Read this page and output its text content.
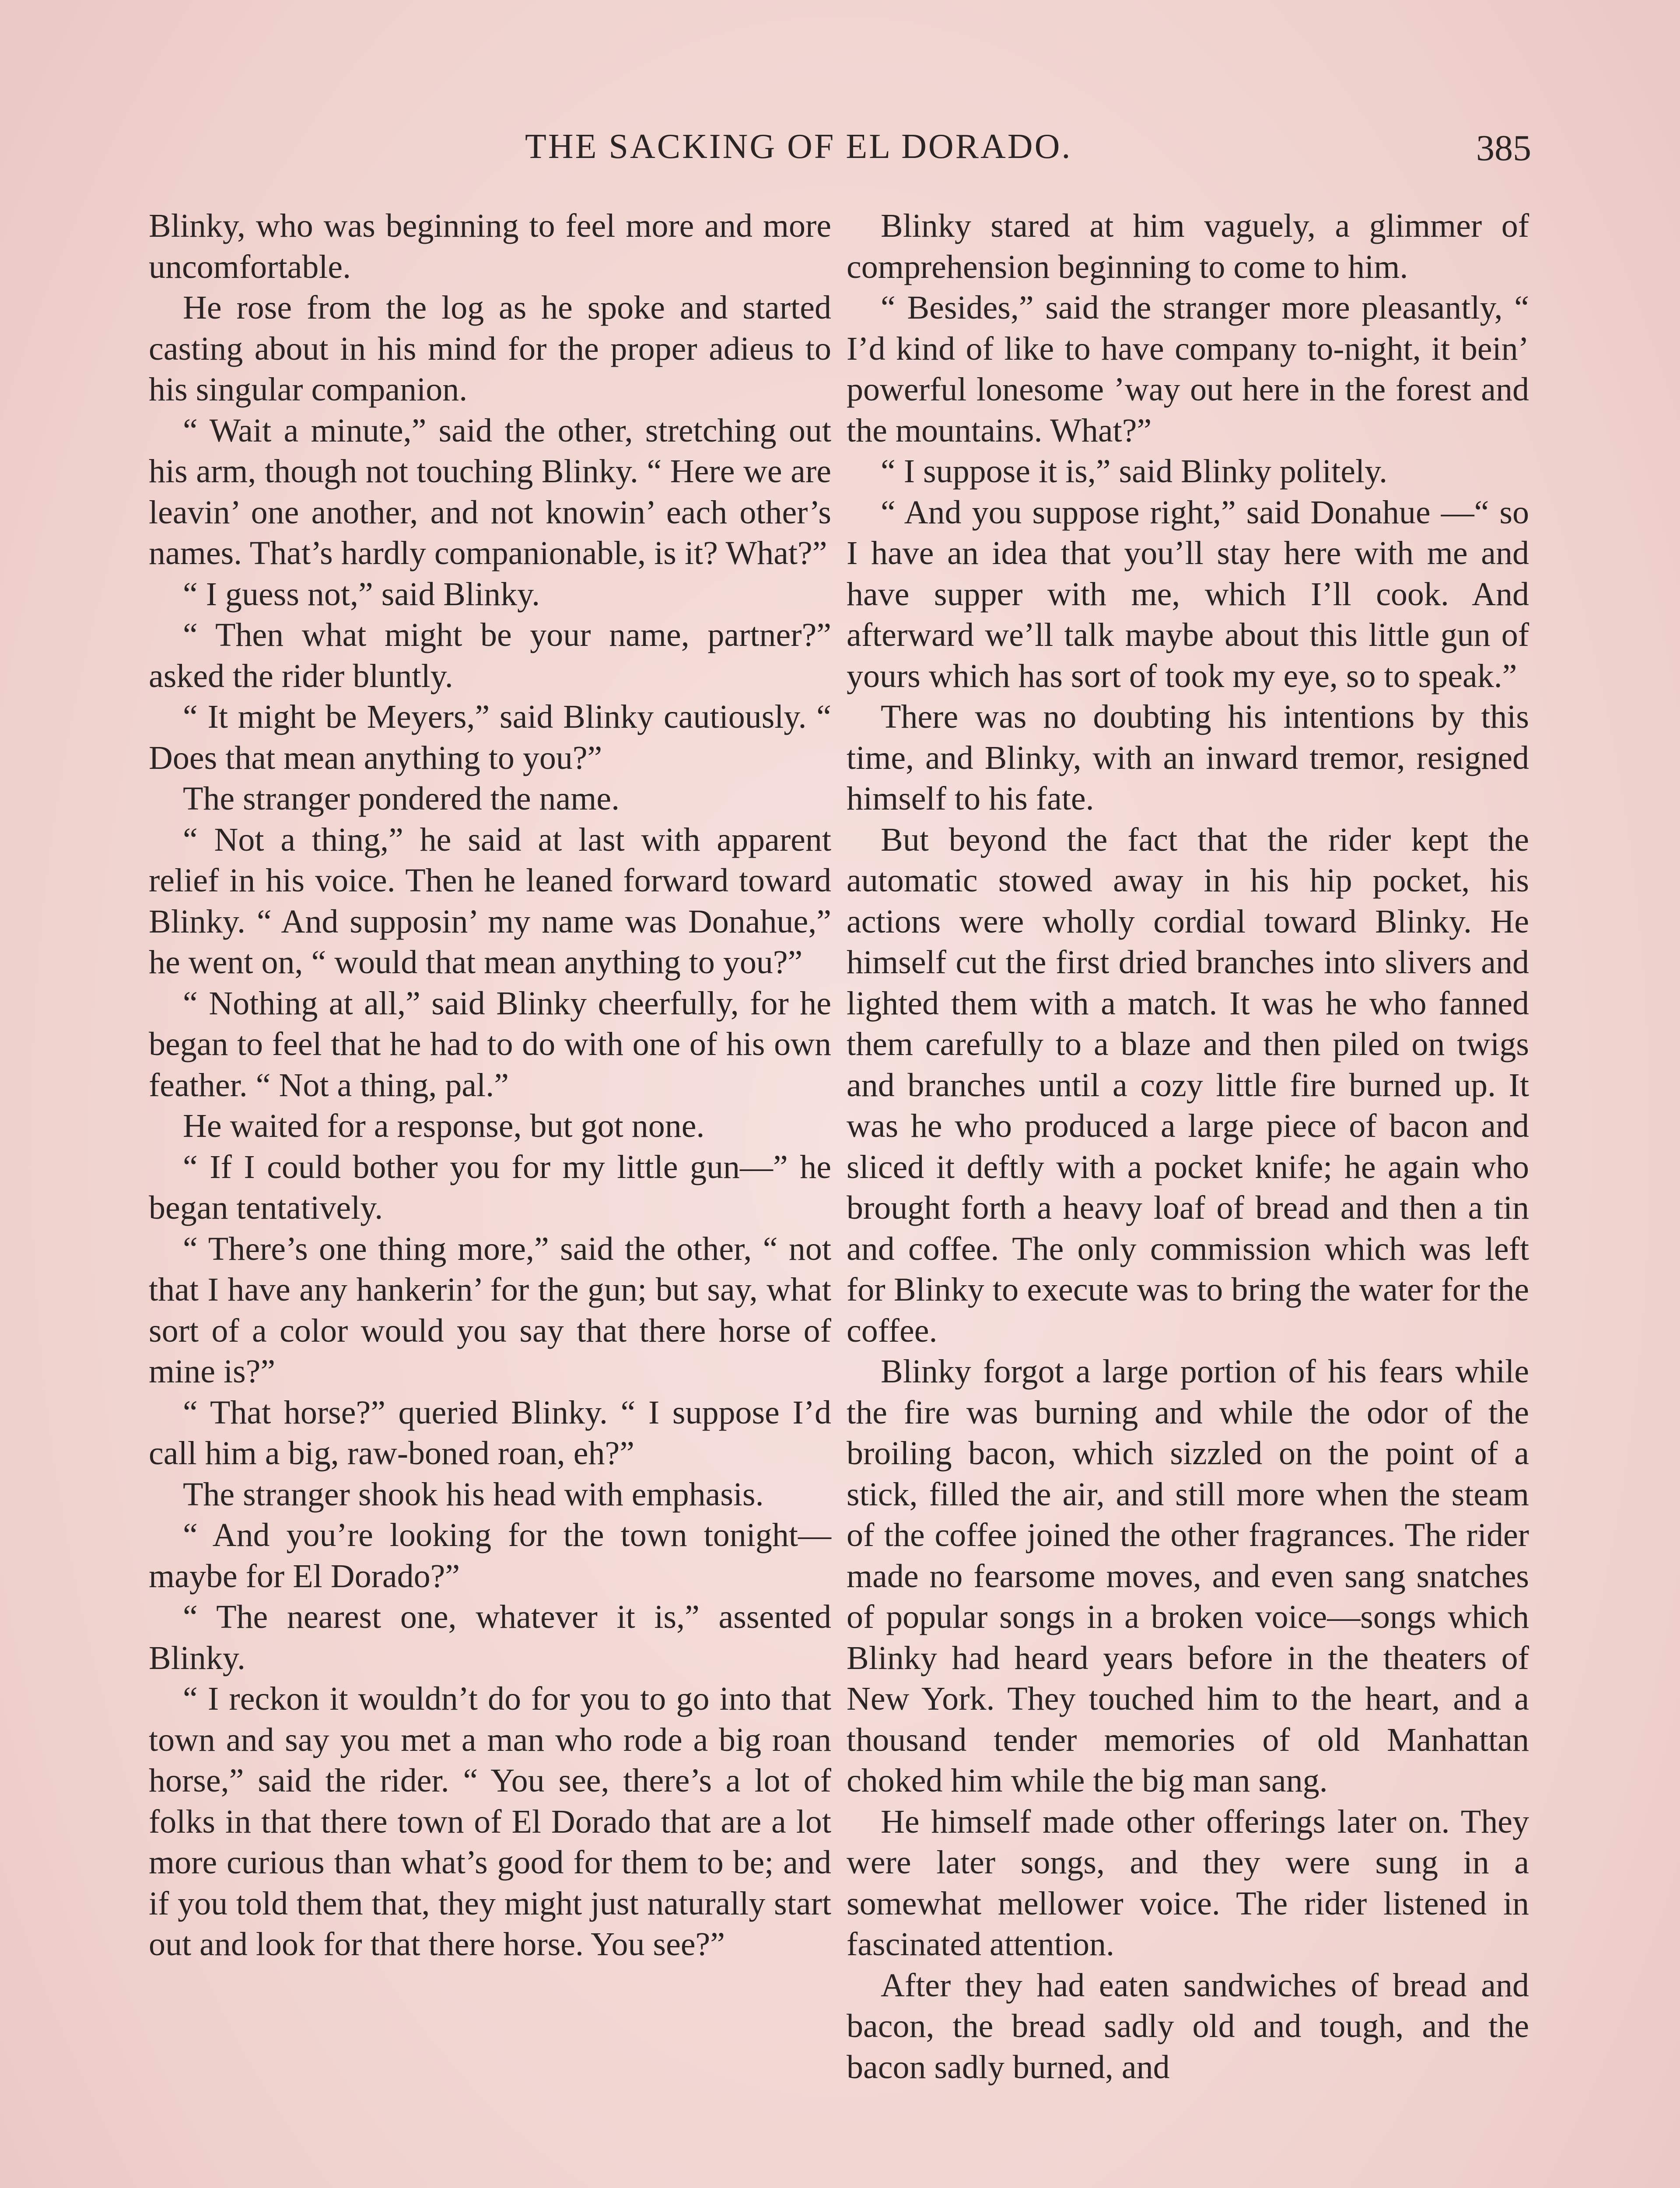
THE SACKING OF EL DORADO.	385

Blinky, who was beginning to feel more and more uncomfortable.

He rose from the log as he spoke and started casting about in his mind for the proper adieus to his singular companion.

“ Wait a minute,” said the other, stretching out his arm, though not touching Blinky. “ Here we are leavin’ one another, and not knowin’ each other’s names. That’s hardly companionable, is it? What?”

“ I guess not,” said Blinky.

“ Then what might be your name, partner?” asked the rider bluntly.

“ It might be Meyers,” said Blinky cautiously. “ Does that mean anything to you?”

The stranger pondered the name.

“ Not a thing,” he said at last with apparent relief in his voice. Then he leaned forward toward Blinky. “ And supposin’ my name was Donahue,” he went on, “ would that mean anything to you?”

“ Nothing at all,” said Blinky cheerfully, for he began to feel that he had to do with one of his own feather. “ Not a thing, pal.”

He waited for a response, but got none.

“ If I could bother you for my little gun—” he began tentatively.

“ There’s one thing more,” said the other, “ not that I have any hankerin’ for the gun; but say, what sort of a color would you say that there horse of mine is?”

“ That horse?” queried Blinky. “ I suppose I’d call him a big, raw-boned roan, eh?”

The stranger shook his head with emphasis.

“ And you’re looking for the town tonight—maybe for El Dorado?”

“ The nearest one, whatever it is,” assented Blinky.

“ I reckon it wouldn’t do for you to go into that town and say you met a man who rode a big roan horse,” said the rider. “ You see, there’s a lot of folks in that there town of El Dorado that are a lot more curious than what’s good for them to be; and if you told them that, they might just naturally start out and look for that there horse. You see?”

Blinky stared at him vaguely, a glimmer of comprehension beginning to come to him.

“ Besides,” said the stranger more pleasantly, “ I’d kind of like to have company to-night, it bein’ powerful lonesome ’way out here in the forest and the mountains. What?”

“ I suppose it is,” said Blinky politely.

“ And you suppose right,” said Donahue —“ so I have an idea that you’ll stay here with me and have supper with me, which I’ll cook. And afterward we’ll talk maybe about this little gun of yours which has sort of took my eye, so to speak.”

There was no doubting his intentions by this time, and Blinky, with an inward tremor, resigned himself to his fate.

But beyond the fact that the rider kept the automatic stowed away in his hip pocket, his actions were wholly cordial toward Blinky. He himself cut the first dried branches into slivers and lighted them with a match. It was he who fanned them carefully to a blaze and then piled on twigs and branches until a cozy little fire burned up. It was he who produced a large piece of bacon and sliced it deftly with a pocket knife; he again who brought forth a heavy loaf of bread and then a tin and coffee. The only commission which was left for Blinky to execute was to bring the water for the coffee.

Blinky forgot a large portion of his fears while the fire was burning and while the odor of the broiling bacon, which sizzled on the point of a stick, filled the air, and still more when the steam of the coffee joined the other fragrances. The rider made no fearsome moves, and even sang snatches of popular songs in a broken voice—songs which Blinky had heard years before in the theaters of New York. They touched him to the heart, and a thousand tender memories of old Manhattan choked him while the big man sang.

He himself made other offerings later on. They were later songs, and they were sung in a somewhat mellower voice. The rider listened in fascinated attention.

After they had eaten sandwiches of bread and bacon, the bread sadly old and tough, and the bacon sadly burned, and
